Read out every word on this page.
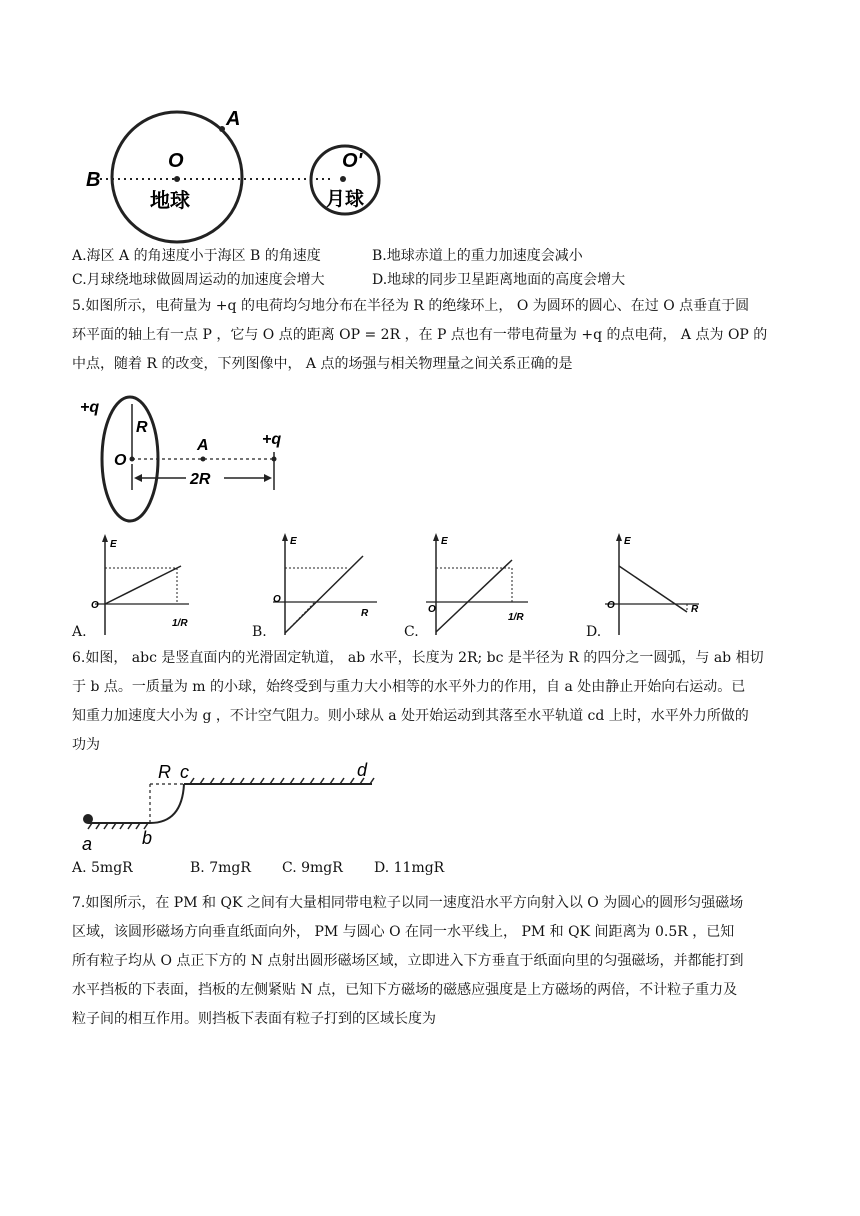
A
B
O	O'
地球	月球
A.海区 A 的角速度小于海区 B 的角速度	B.地球赤道上的重力加速度会减小
C.月球绕地球做圆周运动的加速度会增大	D.地球的同步卫星距离地面的高度会增大
5.如图所示，电荷量为 +q 的电荷均匀地分布在半径为 R 的绝缘环上， O 为圆环的圆心、在过 O 点垂直于圆
环平面的轴上有一点 P ，它与 O 点的距离 OP = 2R ，在 P 点也有一带电荷量为 +q 的点电荷， A 点为 OP 的
中点，随着 R 的改变，下列图像中， A 点的场强与相关物理量之间关系正确的是
+q
R
O
A	+q
2R
E
O
1/R
E
O
R
E
O
1/R
E
O	R
A.	B.	C.	D.
6.如图， abc 是竖直面内的光滑固定轨道， ab 水平，长度为 2R; bc 是半径为 R 的四分之一圆弧，与 ab 相切
于 b 点。一质量为 m 的小球，始终受到与重力大小相等的水平外力的作用，自 a 处由静止开始向右运动。已
知重力加速度大小为 g ，不计空气阻力。则小球从 a 处开始运动到其落至水平轨道 cd 上时，水平外力所做的
功为
R c	d
a	b
A. 5mgR	B. 7mgR C. 9mgR D. 11mgR
7.如图所示，在 PM 和 QK 之间有大量相同带电粒子以同一速度沿水平方向射入以 O 为圆心的圆形匀强磁场
区域，该圆形磁场方向垂直纸面向外， PM 与圆心 O 在同一水平线上， PM 和 QK 间距离为 0.5R ，已知
所有粒子均从 O 点正下方的 N 点射出圆形磁场区域，立即进入下方垂直于纸面向里的匀强磁场，并都能打到
水平挡板的下表面，挡板的左侧紧贴 N 点，已知下方磁场的磁感应强度是上方磁场的两倍，不计粒子重力及
粒子间的相互作用。则挡板下表面有粒子打到的区域长度为
